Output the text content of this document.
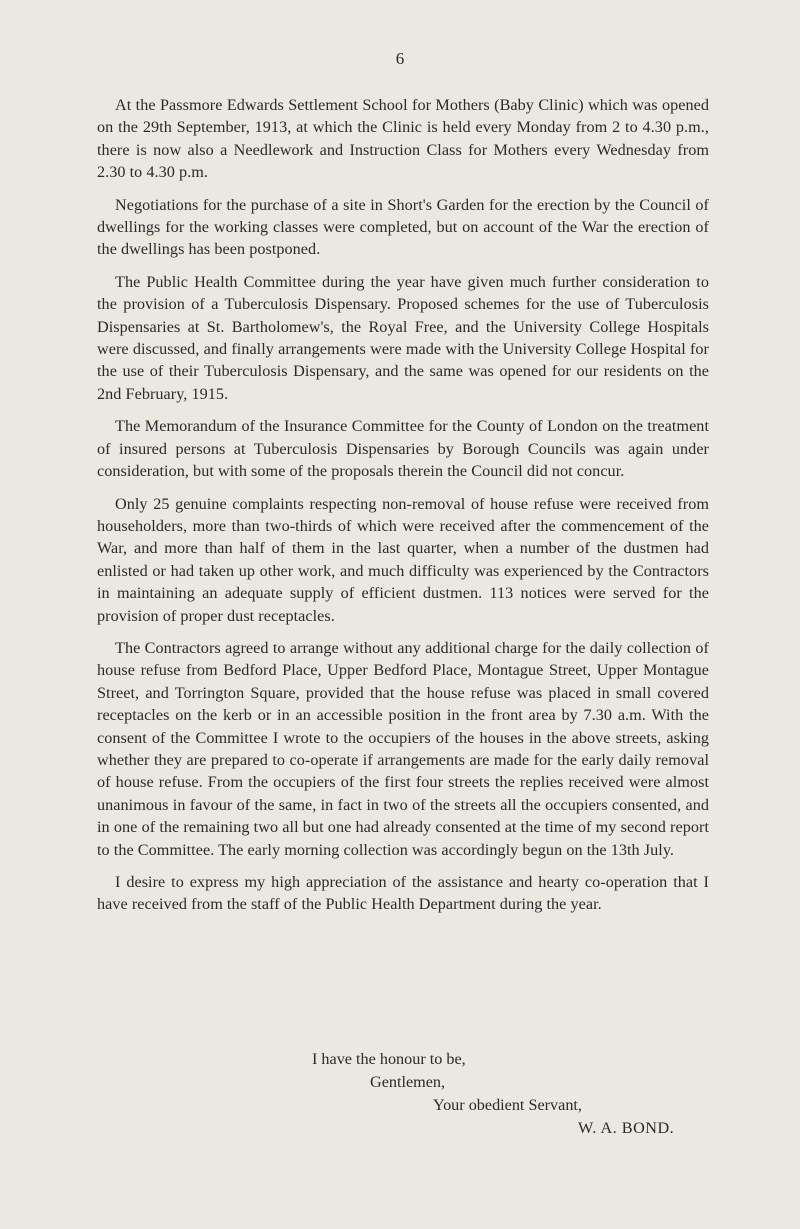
6

At the Passmore Edwards Settlement School for Mothers (Baby Clinic) which was opened on the 29th September, 1913, at which the Clinic is held every Monday from 2 to 4.30 p.m., there is now also a Needlework and Instruction Class for Mothers every Wednesday from 2.30 to 4.30 p.m.

Negotiations for the purchase of a site in Short's Garden for the erection by the Council of dwellings for the working classes were completed, but on account of the War the erection of the dwellings has been postponed.

The Public Health Committee during the year have given much further consideration to the provision of a Tuberculosis Dispensary. Proposed schemes for the use of Tuberculosis Dispensaries at St. Bartholomew's, the Royal Free, and the University College Hospitals were discussed, and finally arrangements were made with the University College Hospital for the use of their Tuberculosis Dispensary, and the same was opened for our residents on the 2nd February, 1915.

The Memorandum of the Insurance Committee for the County of London on the treatment of insured persons at Tuberculosis Dispensaries by Borough Councils was again under consideration, but with some of the proposals therein the Council did not concur.

Only 25 genuine complaints respecting non-removal of house refuse were received from householders, more than two-thirds of which were received after the commencement of the War, and more than half of them in the last quarter, when a number of the dustmen had enlisted or had taken up other work, and much difficulty was experienced by the Contractors in maintaining an adequate supply of efficient dustmen. 113 notices were served for the provision of proper dust receptacles.

The Contractors agreed to arrange without any additional charge for the daily collection of house refuse from Bedford Place, Upper Bedford Place, Montague Street, Upper Montague Street, and Torrington Square, provided that the house refuse was placed in small covered receptacles on the kerb or in an accessible position in the front area by 7.30 a.m. With the consent of the Committee I wrote to the occupiers of the houses in the above streets, asking whether they are prepared to co-operate if arrangements are made for the early daily removal of house refuse. From the occupiers of the first four streets the replies received were almost unanimous in favour of the same, in fact in two of the streets all the occupiers consented, and in one of the remaining two all but one had already consented at the time of my second report to the Committee. The early morning collection was accordingly begun on the 13th July.

I desire to express my high appreciation of the assistance and hearty co-operation that I have received from the staff of the Public Health Department during the year.

I have the honour to be,
Gentlemen,
Your obedient Servant,
W. A. BOND.
